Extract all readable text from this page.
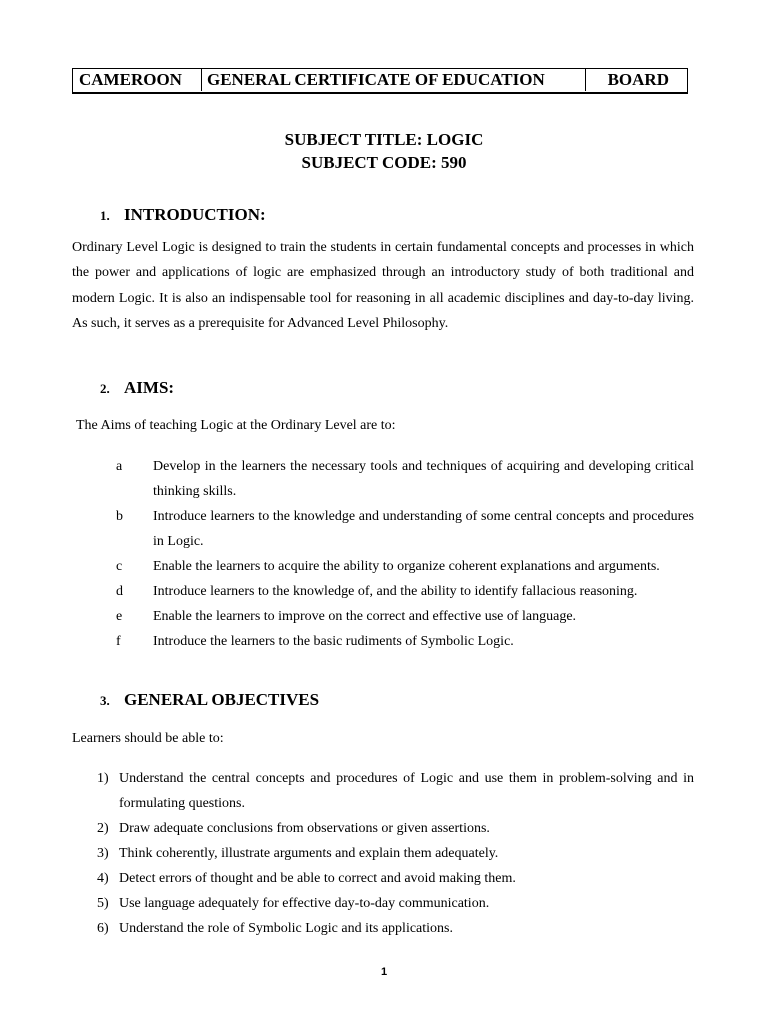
CAMEROON GENERAL CERTIFICATE OF EDUCATION	BOARD
SUBJECT TITLE: LOGIC
SUBJECT CODE: 590
1. INTRODUCTION:
Ordinary Level Logic is designed to train the students in certain fundamental concepts and processes in which the power and applications of logic are emphasized through an introductory study of both traditional and modern Logic. It is also an indispensable tool for reasoning in all academic disciplines and day-to-day living. As such, it serves as a prerequisite for Advanced Level Philosophy.
2. AIMS:
The Aims of teaching Logic at the Ordinary Level are to:
a Develop in the learners the necessary tools and techniques of acquiring and developing critical thinking skills.
b Introduce learners to the knowledge and understanding of some central concepts and procedures in Logic.
c Enable the learners to acquire the ability to organize coherent explanations and arguments.
d Introduce learners to the knowledge of, and the ability to identify fallacious reasoning.
e Enable the learners to improve on the correct and effective use of language.
f Introduce the learners to the basic rudiments of Symbolic Logic.
3. GENERAL OBJECTIVES
Learners should be able to:
1) Understand the central concepts and procedures of Logic and use them in problem-solving and in formulating questions.
2) Draw adequate conclusions from observations or given assertions.
3) Think coherently, illustrate arguments and explain them adequately.
4) Detect errors of thought and be able to correct and avoid making them.
5) Use language adequately for effective day-to-day communication.
6) Understand the role of Symbolic Logic and its applications.
1
